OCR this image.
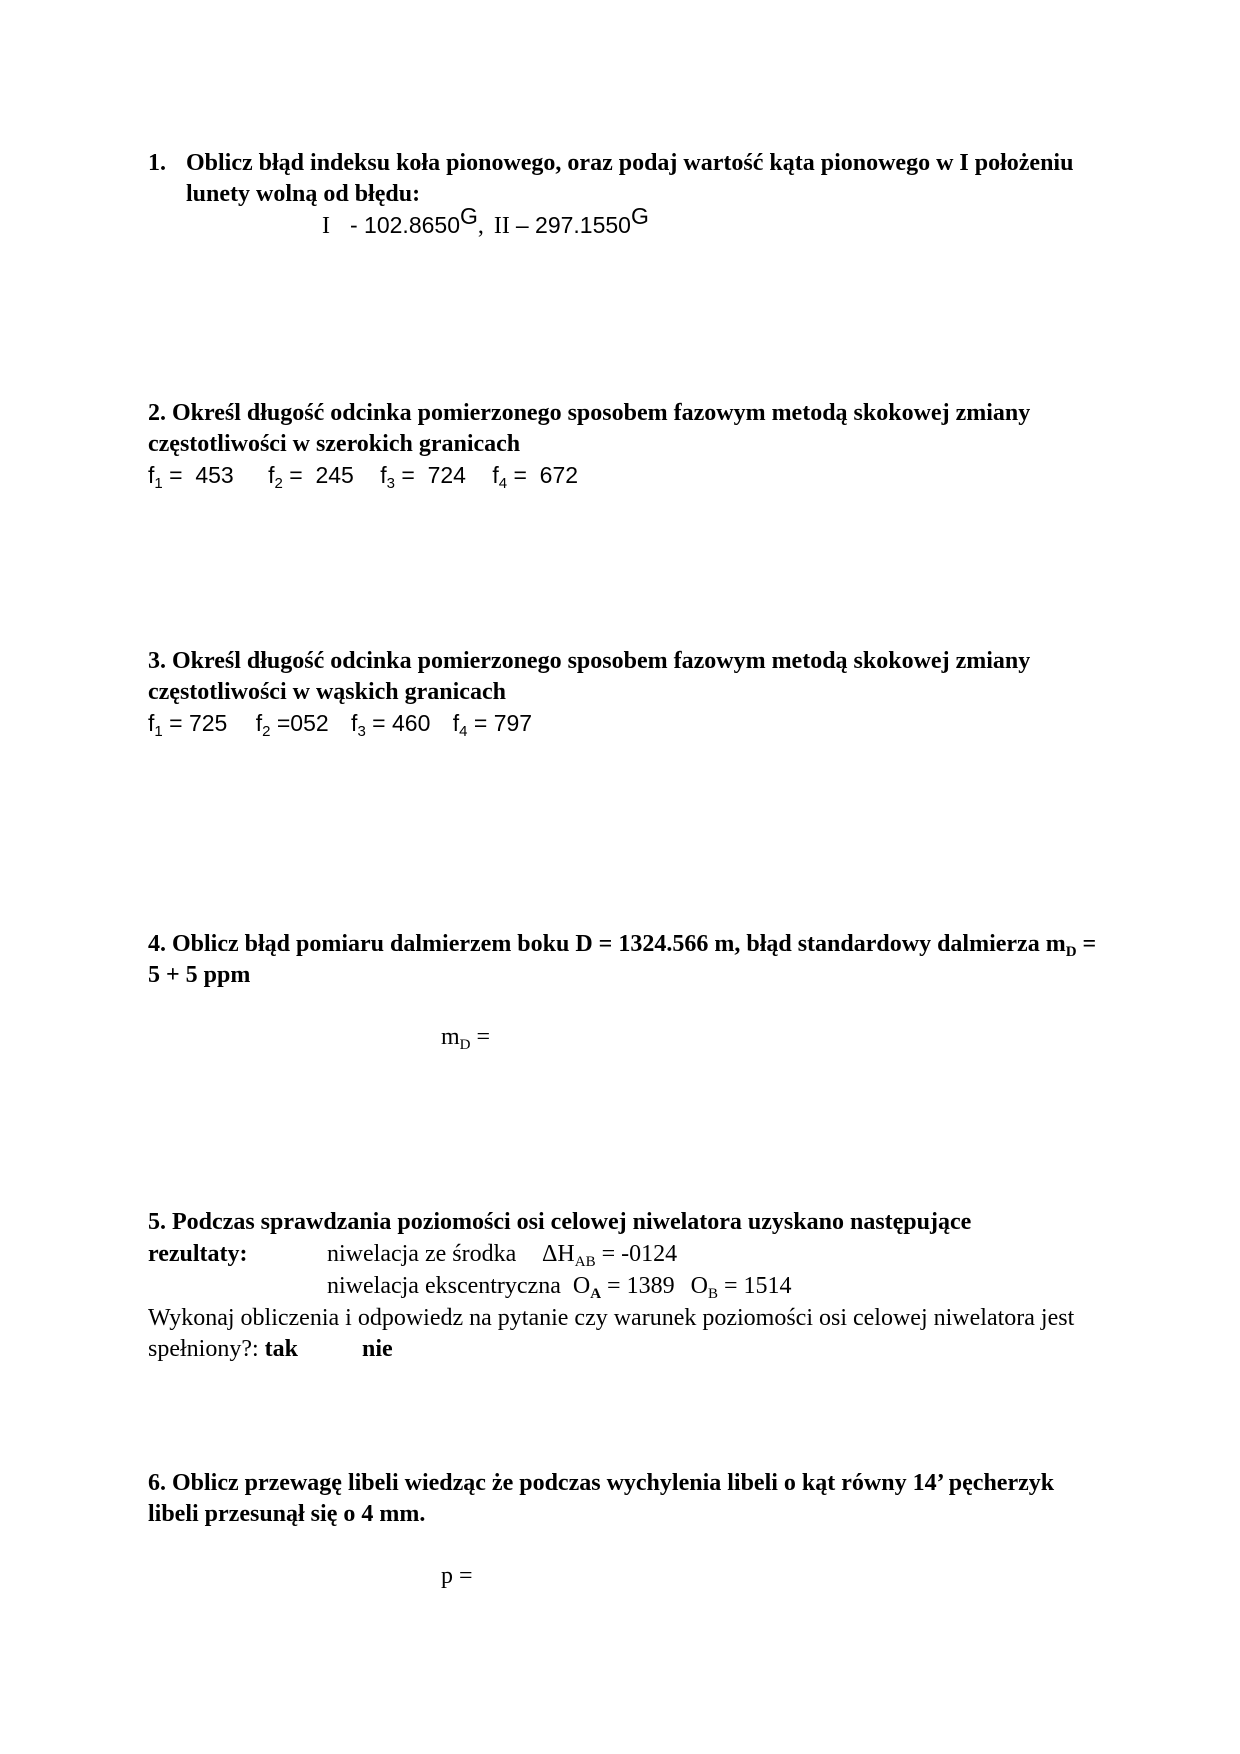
1. Oblicz błąd indeksu koła pionowego, oraz podaj wartość kąta pionowego w I położeniu lunety wolną od błędu:
I - $102.8650^G$, II – $297.1550^G$
2. Określ długość odcinka pomierzonego sposobem fazowym metodą skokowej zmiany częstotliwości w szerokich granicach
$f_1 = 453$ $f_2 = 245$ $f_3 = 724$ $f_4 = 672$
3. Określ długość odcinka pomierzonego sposobem fazowym metodą skokowej zmiany częstotliwości w wąskich granicach
$f_1 = 725$ $f_2 =052$ $f_3 = 460$ $f_4 = 797$
4. Oblicz błąd pomiaru dalmierzem boku D = 1324.566 m, błąd standardowy dalmierza $m_D = 5 + 5$ ppm
$m_D$ =
5. Podczas sprawdzania poziomości osi celowej niwelatora uzyskano następujące
rezultaty:	niwelacja ze środka $\Delta H_{AB} = -0124$
niwelacja ekscentryczna $O_A = 1389$ $O_B = 1514$
Wykonaj obliczenia i odpowiedz na pytanie czy warunek poziomości osi celowej niwelatora jest spełniony?: tak	nie
6. Oblicz przewagę libeli wiedząc że podczas wychylenia libeli o kąt równy 14’ pęcherzyk libeli przesunął się o 4 mm.
p =
